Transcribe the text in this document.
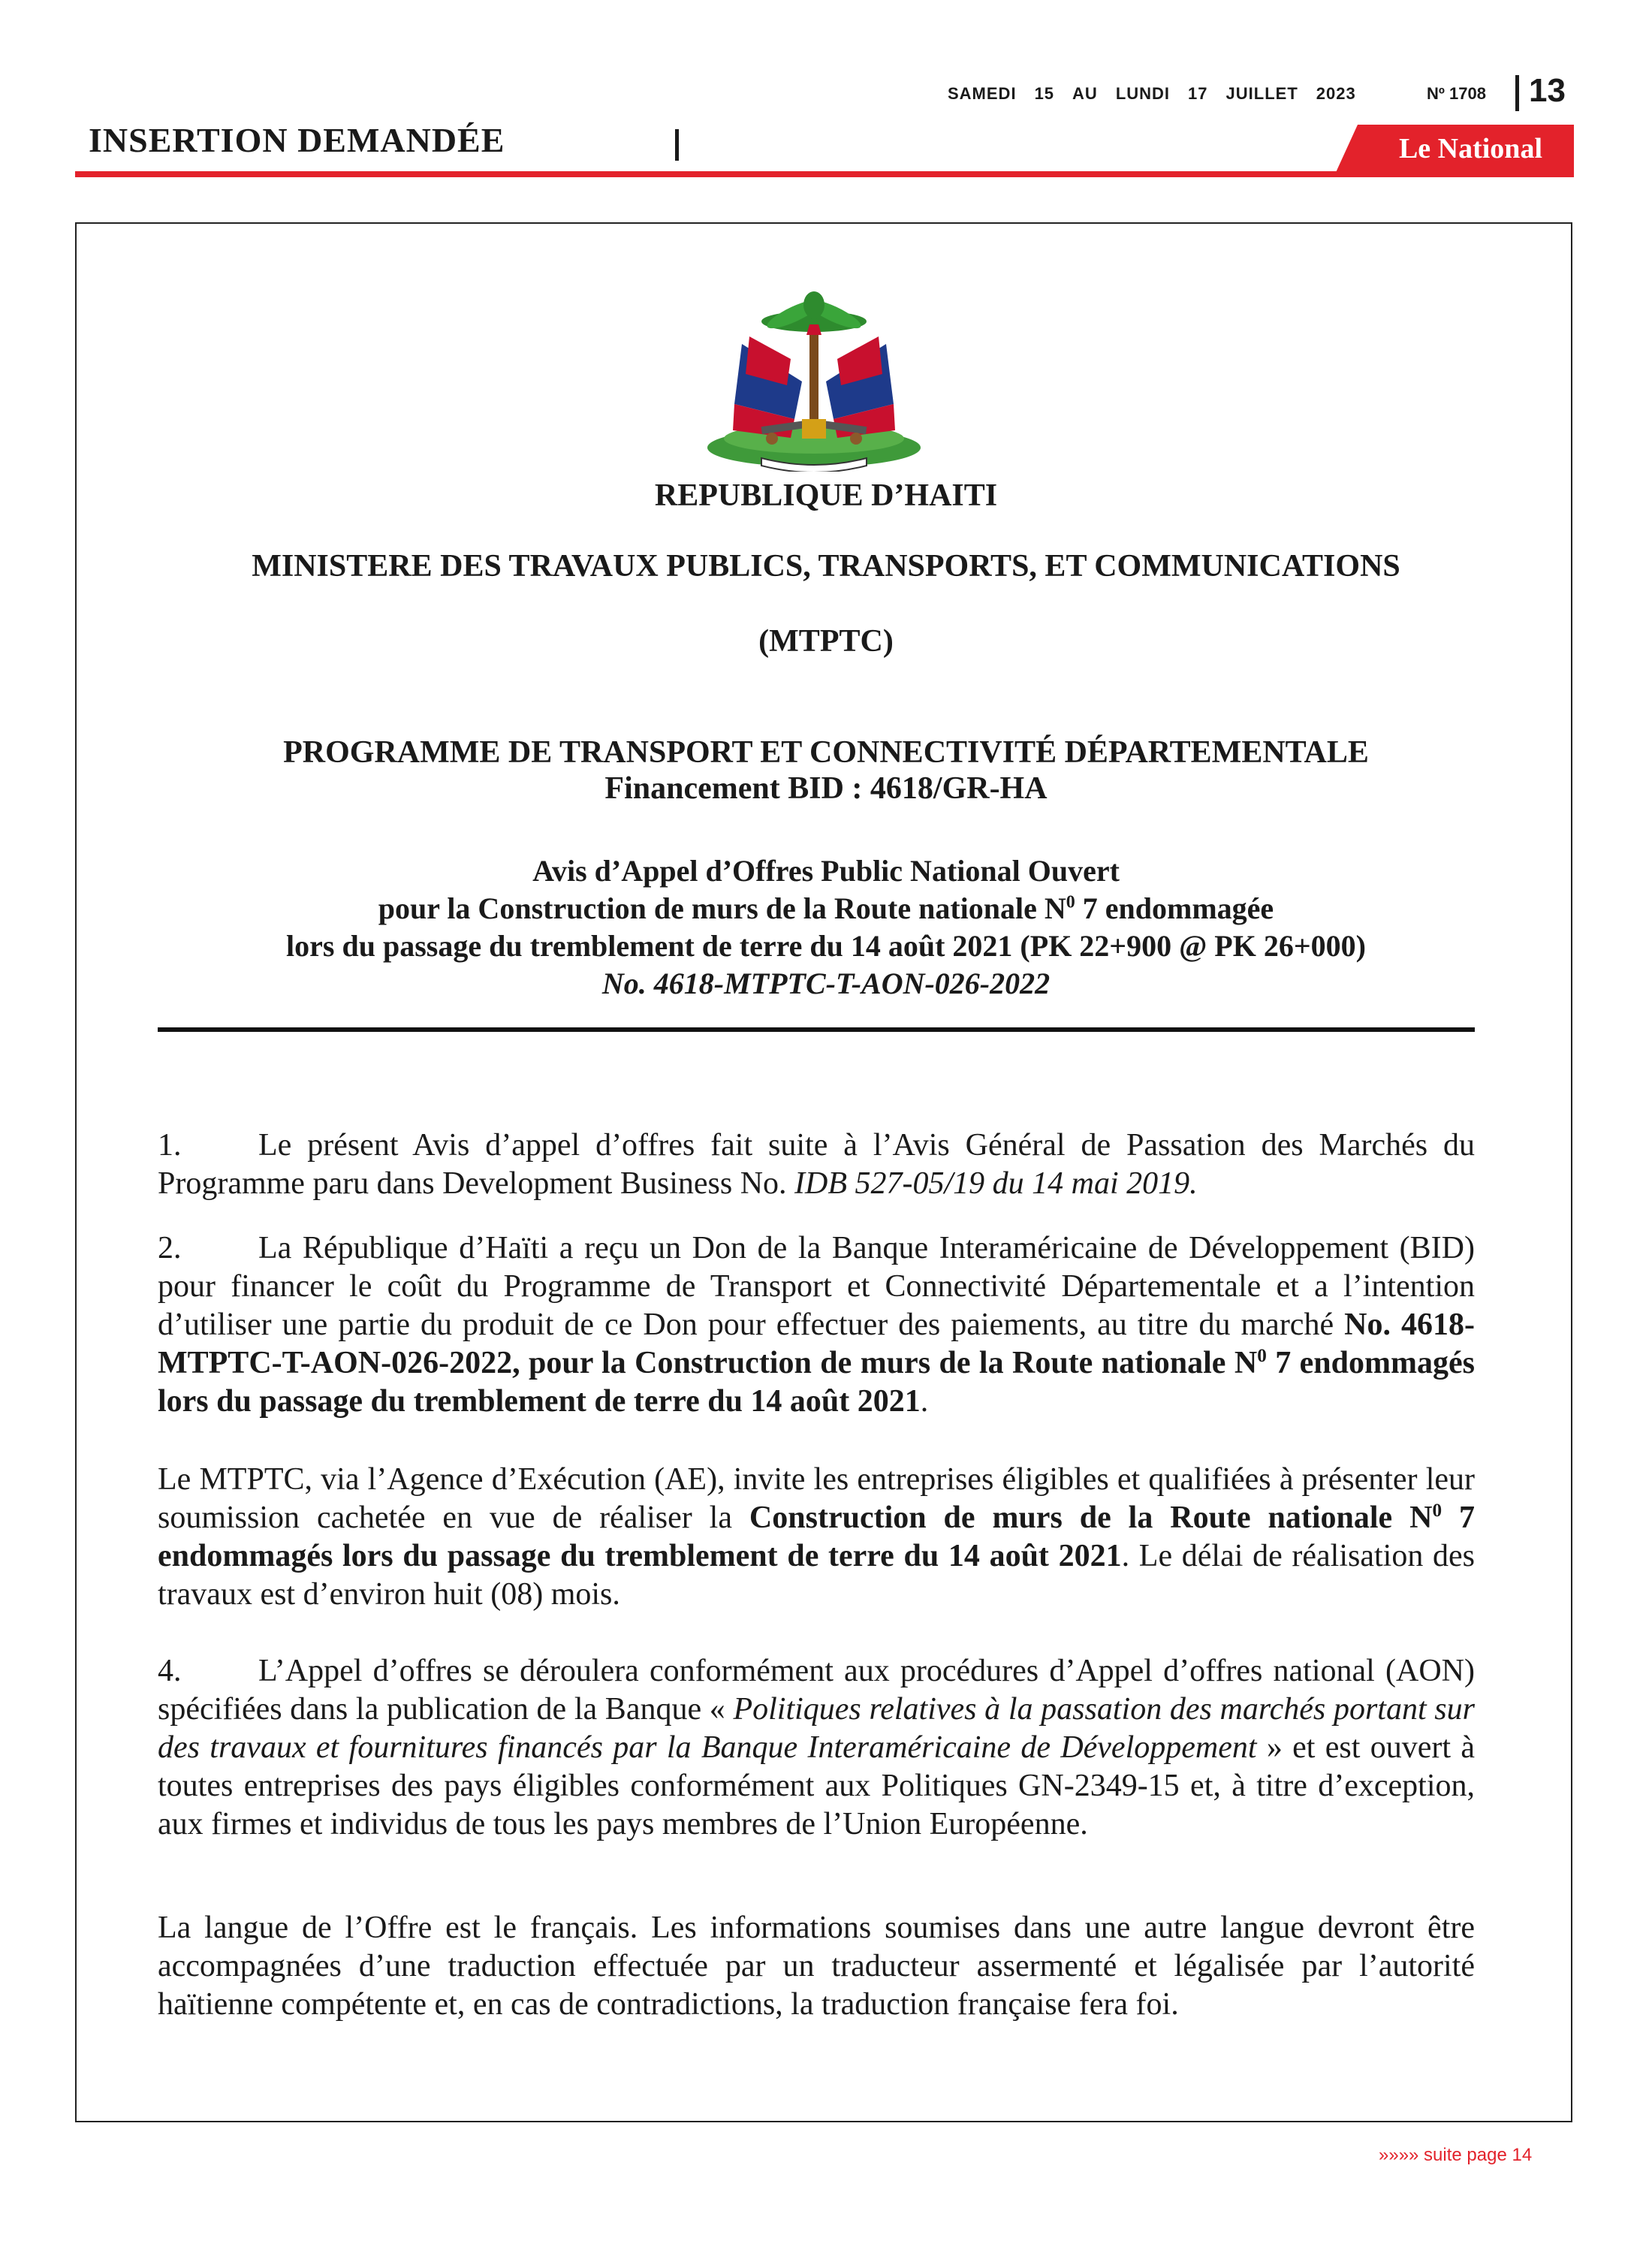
SAMEDI 15 AU LUNDI 17 JUILLET 2023	Nº 1708 13
INSERTION DEMANDÉE	Le National
REPUBLIQUE D’HAITI
MINISTERE DES TRAVAUX PUBLICS, TRANSPORTS, ET COMMUNICATIONS
(MTPTC)
PROGRAMME DE TRANSPORT ET CONNECTIVITÉ DÉPARTEMENTALE
Financement BID : 4618/GR-HA
Avis d’Appel d’Offres Public National Ouvert
pour la Construction de murs de la Route nationale $N^0$ 7 endommagée
lors du passage du tremblement de terre du 14 août 2021 (PK 22+900 @ PK 26+000)
No. 4618-MTPTC-T-AON-026-2022
1. Le présent Avis d’appel d’offres fait suite à l’Avis Général de Passation des Marchés du Programme paru dans Development Business No. IDB 527-05/19 du 14 mai 2019.
2. La République d’Haïti a reçu un Don de la Banque Interaméricaine de Développement (BID) pour financer le coût du Programme de Transport et Connectivité Départementale et a l’intention d’utiliser une partie du produit de ce Don pour effectuer des paiements, au titre du marché No. 4618-MTPTC-T-AON-026-2022, pour la Construction de murs de la Route nationale $N^0$ 7 endommagés lors du passage du tremblement de terre du 14 août 2021.
Le MTPTC, via l’Agence d’Exécution (AE), invite les entreprises éligibles et qualifiées à présenter leur soumission cachetée en vue de réaliser la Construction de murs de la Route nationale $N^0$ 7 endommagés lors du passage du tremblement de terre du 14 août 2021. Le délai de réalisation des travaux est d’environ huit (08) mois.
4. L’Appel d’offres se déroulera conformément aux procédures d’Appel d’offres national (AON) spécifiées dans la publication de la Banque « Politiques relatives à la passation des marchés portant sur des travaux et fournitures financés par la Banque Interaméricaine de Développement » et est ouvert à toutes entreprises des pays éligibles conformément aux Politiques GN-2349-15 et, à titre d’exception, aux firmes et individus de tous les pays membres de l’Union Européenne.
La langue de l’Offre est le français. Les informations soumises dans une autre langue devront être accompagnées d’une traduction effectuée par un traducteur assermenté et légalisée par l’autorité haïtienne compétente et, en cas de contradictions, la traduction française fera foi.
»»»» suite page 14
